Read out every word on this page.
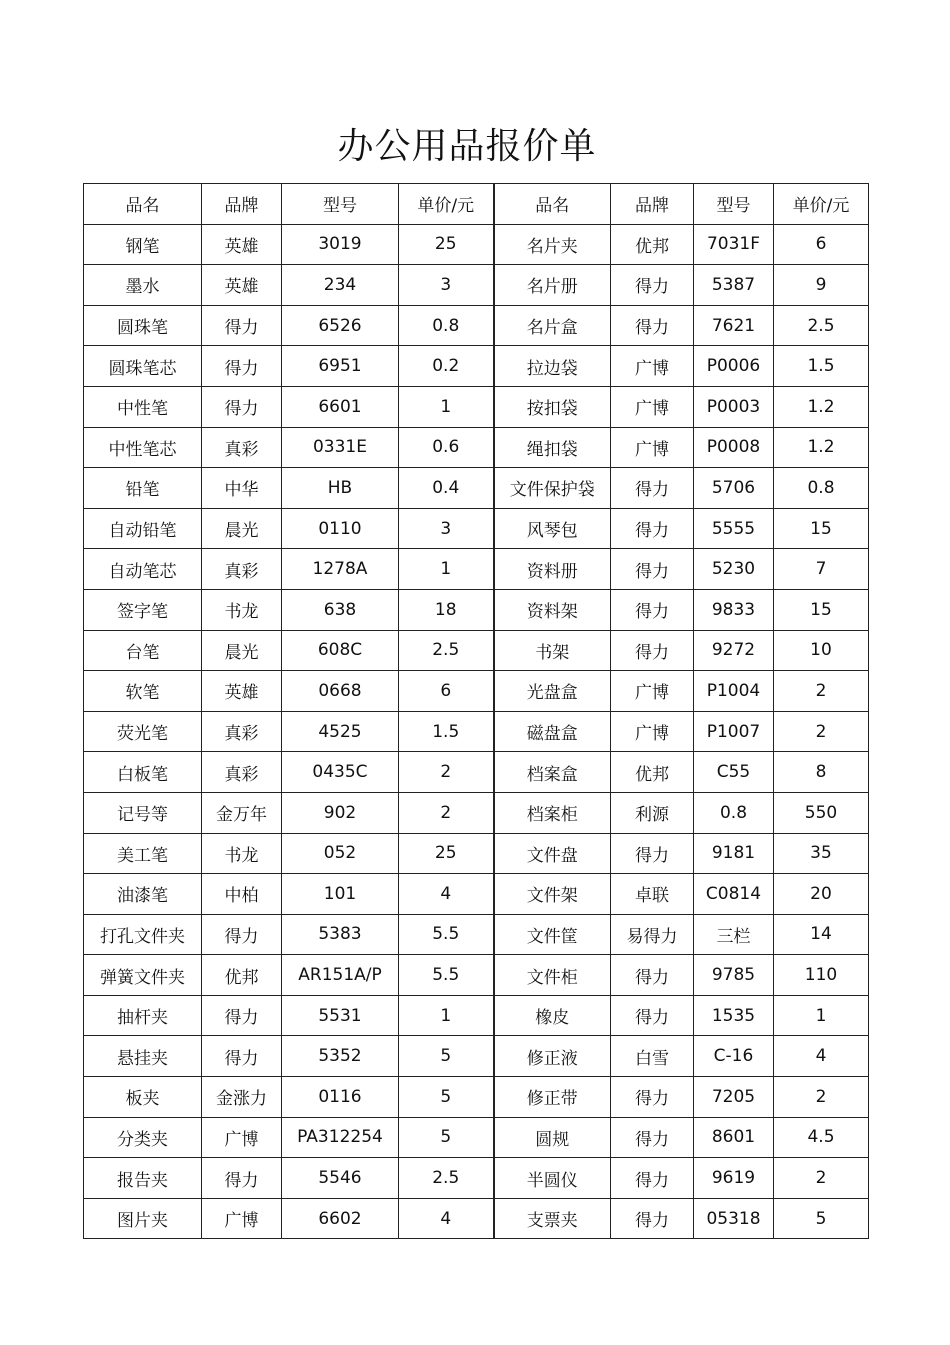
办公用品报价单
品名	品牌	型号	单价/元	品名	品牌	型号	单价/元
钢笔	英雄	3019	25	名片夹	优邦	7031F	6
墨水	英雄	234	3	名片册	得力	5387	9
圆珠笔	得力	6526	0.8	名片盒	得力	7621	2.5
圆珠笔芯	得力	6951	0.2	拉边袋	广博	P0006	1.5
中性笔	得力	6601	1	按扣袋	广博	P0003	1.2
中性笔芯	真彩	0331E	0.6	绳扣袋	广博	P0008	1.2
铅笔	中华	HB	0.4	文件保护袋	得力	5706	0.8
自动铅笔	晨光	0110	3	风琴包	得力	5555	15
自动笔芯	真彩	1278A	1	资料册	得力	5230	7
签字笔	书龙	638	18	资料架	得力	9833	15
台笔	晨光	608C	2.5	书架	得力	9272	10
软笔	英雄	0668	6	光盘盒	广博	P1004	2
荧光笔	真彩	4525	1.5	磁盘盒	广博	P1007	2
白板笔	真彩	0435C	2	档案盒	优邦	C55	8
记号等	金万年	902	2	档案柜	利源	0.8	550
美工笔	书龙	052	25	文件盘	得力	9181	35
油漆笔	中柏	101	4	文件架	卓联	C0814	20
打孔文件夹	得力	5383	5.5	文件筐	易得力	三栏	14
弹簧文件夹	优邦	AR151A/P	5.5	文件柜	得力	9785	110
抽杆夹	得力	5531	1	橡皮	得力	1535	1
悬挂夹	得力	5352	5	修正液	白雪	C-16	4
板夹	金涨力	0116	5	修正带	得力	7205	2
分类夹	广博	PA312254	5	圆规	得力	8601	4.5
报告夹	得力	5546	2.5	半圆仪	得力	9619	2
图片夹	广博	6602	4	支票夹	得力	05318	5
